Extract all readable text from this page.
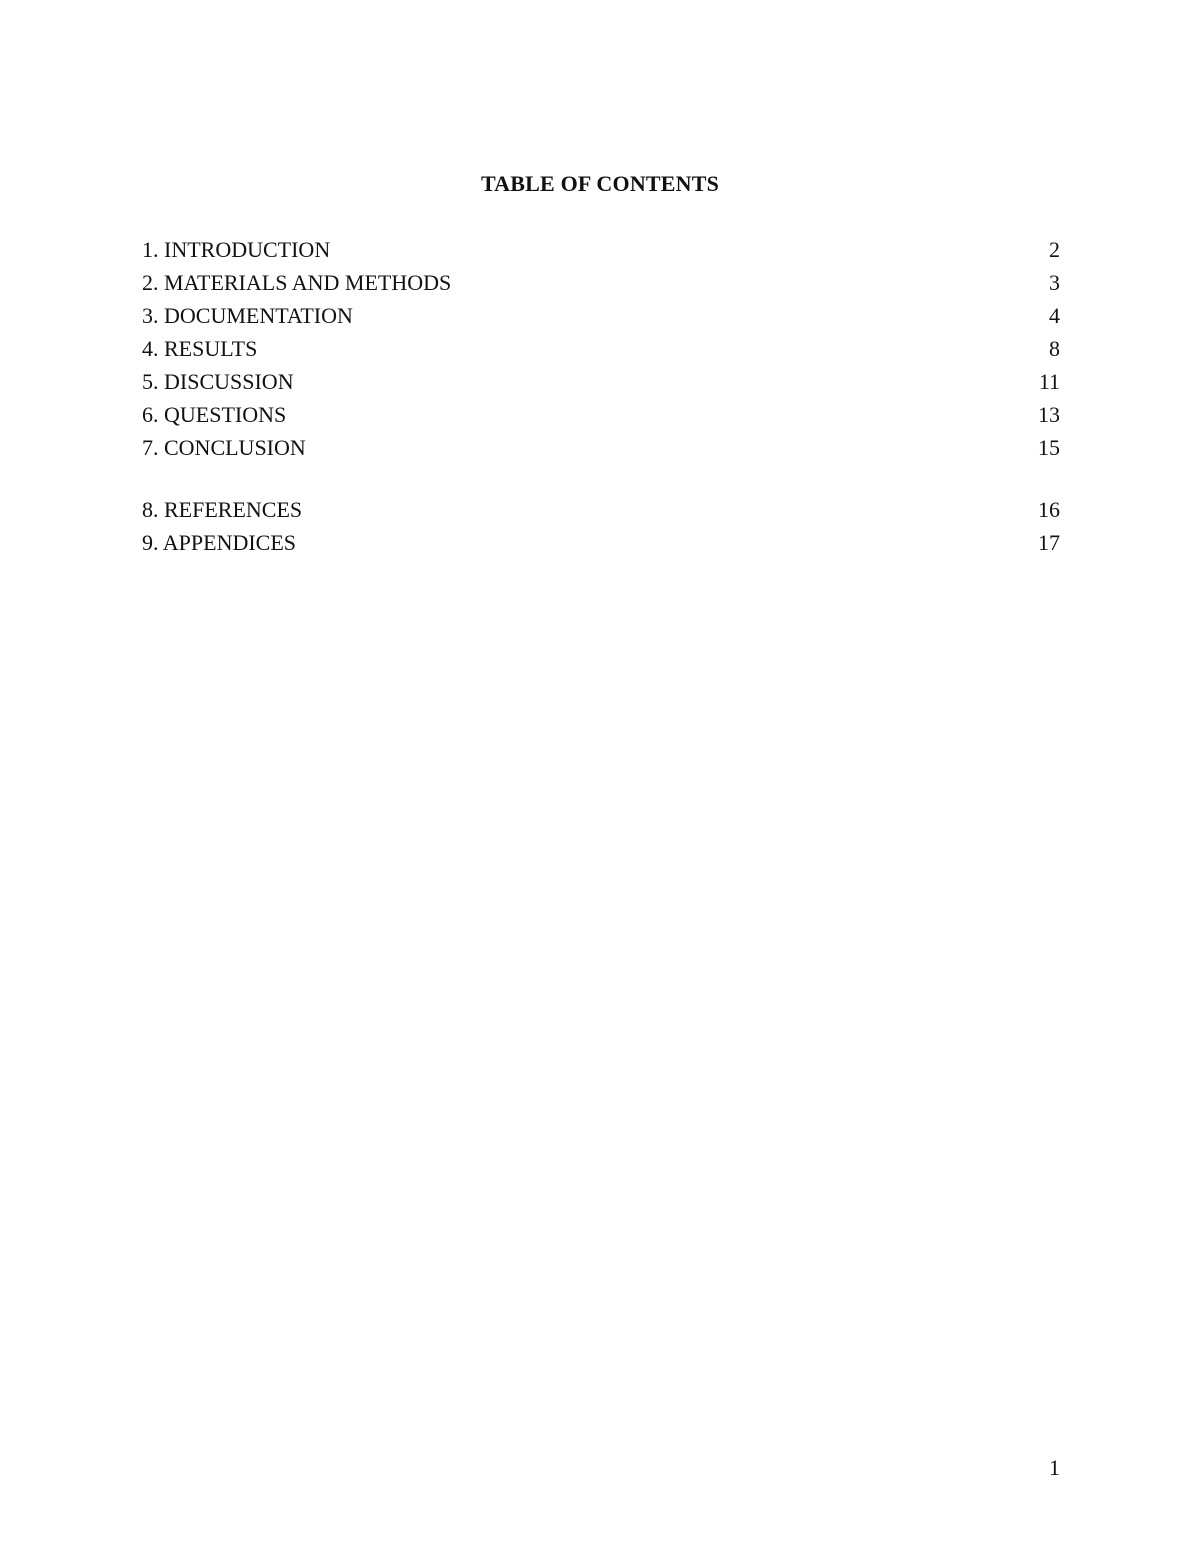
TABLE OF CONTENTS
1. INTRODUCTION	2
2. MATERIALS AND METHODS	3
3. DOCUMENTATION	4
4. RESULTS	8
5. DISCUSSION	11
6. QUESTIONS	13
7. CONCLUSION	15
8. REFERENCES	16
9. APPENDICES	17
1
